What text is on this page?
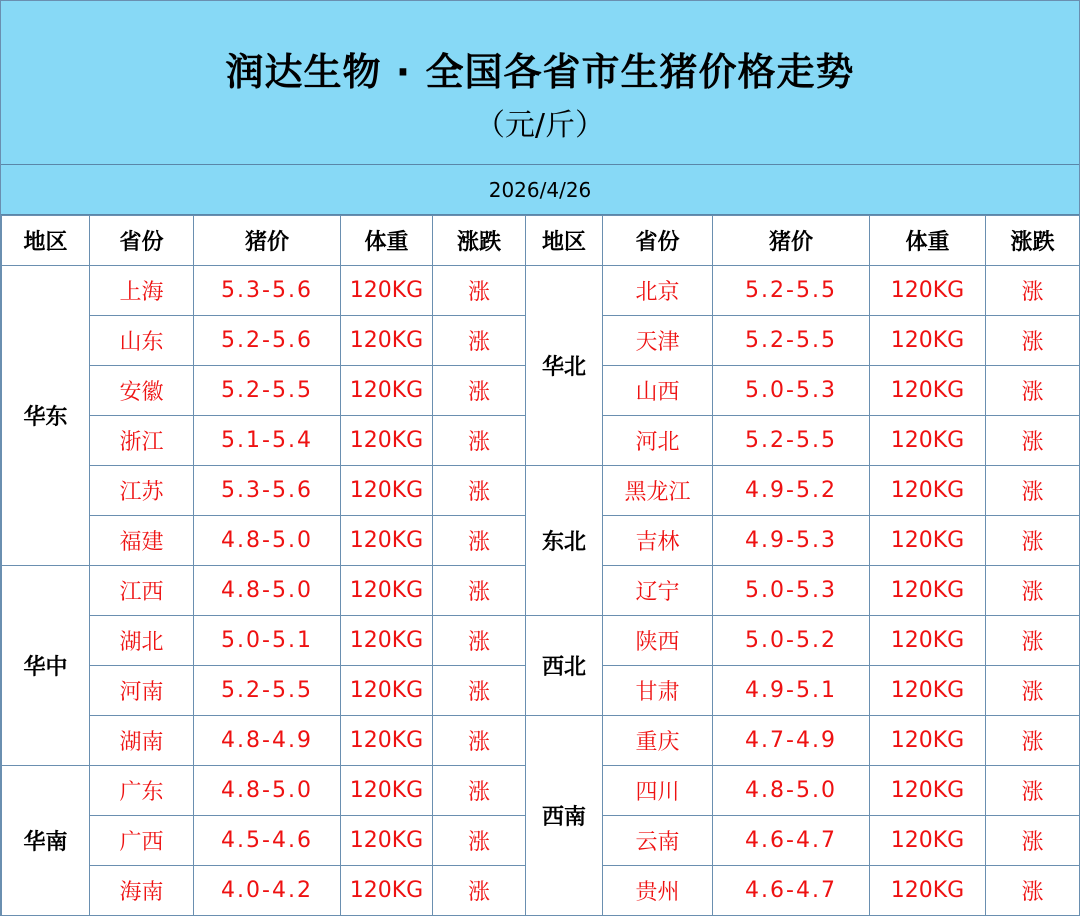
润达生物 · 全国各省市生猪价格走势
（元/斤）
2026/4/26
地区	省份	猪价	体重	涨跌	地区	省份	猪价	体重	涨跌
华东	上海	5.3-5.6	120KG	涨	华北	北京	5.2-5.5	120KG	涨
	山东	5.2-5.6	120KG	涨		天津	5.2-5.5	120KG	涨
	安徽	5.2-5.5	120KG	涨		山西	5.0-5.3	120KG	涨
	浙江	5.1-5.4	120KG	涨		河北	5.2-5.5	120KG	涨
	江苏	5.3-5.6	120KG	涨	东北	黑龙江	4.9-5.2	120KG	涨
	福建	4.8-5.0	120KG	涨		吉林	4.9-5.3	120KG	涨
华中	江西	4.8-5.0	120KG	涨		辽宁	5.0-5.3	120KG	涨
	湖北	5.0-5.1	120KG	涨	西北	陕西	5.0-5.2	120KG	涨
	河南	5.2-5.5	120KG	涨		甘肃	4.9-5.1	120KG	涨
	湖南	4.8-4.9	120KG	涨	西南	重庆	4.7-4.9	120KG	涨
华南	广东	4.8-5.0	120KG	涨		四川	4.8-5.0	120KG	涨
	广西	4.5-4.6	120KG	涨		云南	4.6-4.7	120KG	涨
	海南	4.0-4.2	120KG	涨		贵州	4.6-4.7	120KG	涨
